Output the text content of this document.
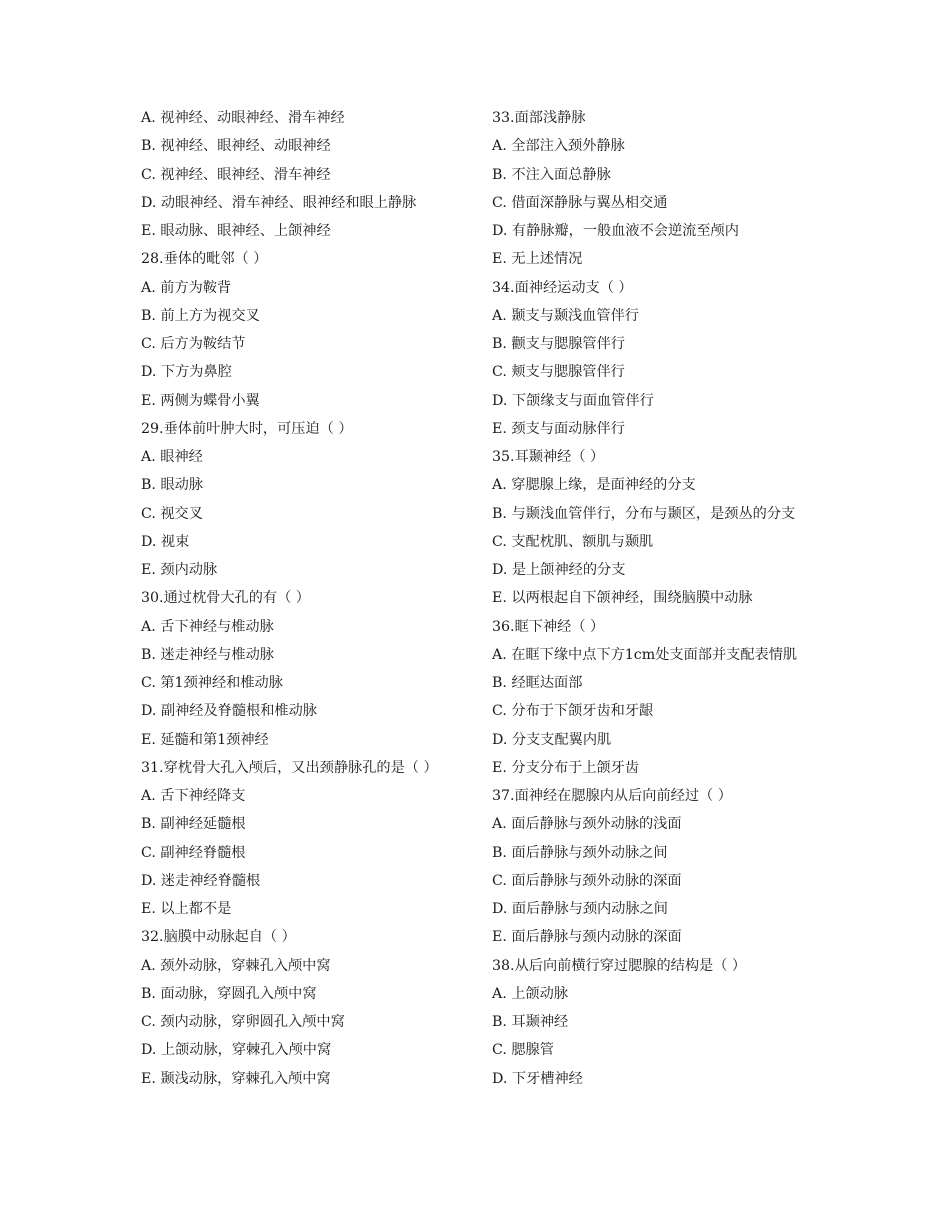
A. 视神经、动眼神经、滑车神经
B. 视神经、眼神经、动眼神经
C. 视神经、眼神经、滑车神经
D. 动眼神经、滑车神经、眼神经和眼上静脉
E. 眼动脉、眼神经、上颌神经
28.垂体的毗邻（ ）
A. 前方为鞍背
B. 前上方为视交叉
C. 后方为鞍结节
D. 下方为鼻腔
E. 两侧为蝶骨小翼
29.垂体前叶肿大时，可压迫（ ）
A. 眼神经
B. 眼动脉
C. 视交叉
D. 视束
E. 颈内动脉
30.通过枕骨大孔的有（ ）
A. 舌下神经与椎动脉
B. 迷走神经与椎动脉
C. 第1颈神经和椎动脉
D. 副神经及脊髓根和椎动脉
E. 延髓和第1颈神经
31.穿枕骨大孔入颅后，又出颈静脉孔的是（ ）
A. 舌下神经降支
B. 副神经延髓根
C. 副神经脊髓根
D. 迷走神经脊髓根
E. 以上都不是
32.脑膜中动脉起自（ ）
A. 颈外动脉，穿棘孔入颅中窝
B. 面动脉，穿圆孔入颅中窝
C. 颈内动脉，穿卵圆孔入颅中窝
D. 上颌动脉，穿棘孔入颅中窝
E. 颞浅动脉，穿棘孔入颅中窝
33.面部浅静脉
A. 全部注入颈外静脉
B. 不注入面总静脉
C. 借面深静脉与翼丛相交通
D. 有静脉瓣，一般血液不会逆流至颅内
E. 无上述情况
34.面神经运动支（ ）
A. 颞支与颞浅血管伴行
B. 颧支与腮腺管伴行
C. 颊支与腮腺管伴行
D. 下颌缘支与面血管伴行
E. 颈支与面动脉伴行
35.耳颞神经（ ）
A. 穿腮腺上缘，是面神经的分支
B. 与颞浅血管伴行，分布与颞区，是颈丛的分支
C. 支配枕肌、额肌与颞肌
D. 是上颌神经的分支
E. 以两根起自下颌神经，围绕脑膜中动脉
36.眶下神经（ ）
A. 在眶下缘中点下方1cm处支面部并支配表情肌
B. 经眶达面部
C. 分布于下颌牙齿和牙龈
D. 分支支配翼内肌
E. 分支分布于上颌牙齿
37.面神经在腮腺内从后向前经过（ ）
A. 面后静脉与颈外动脉的浅面
B. 面后静脉与颈外动脉之间
C. 面后静脉与颈外动脉的深面
D. 面后静脉与颈内动脉之间
E. 面后静脉与颈内动脉的深面
38.从后向前横行穿过腮腺的结构是（ ）
A. 上颌动脉
B. 耳颞神经
C. 腮腺管
D. 下牙槽神经
